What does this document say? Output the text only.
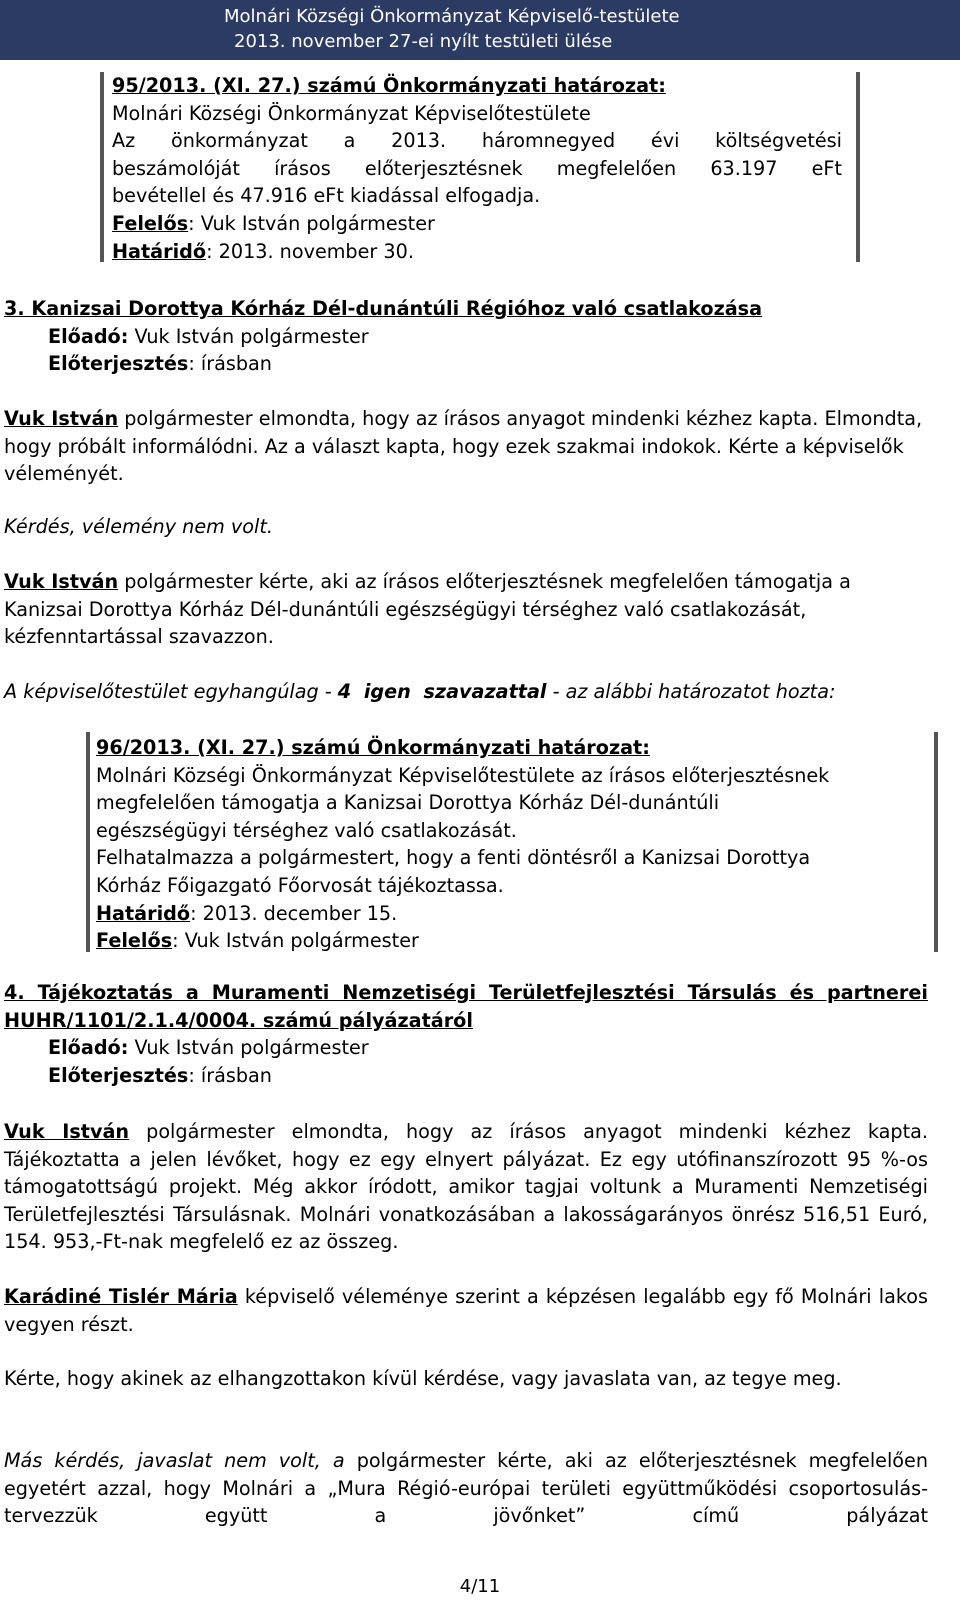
Molnári Községi Önkormányzat Képviselő-testülete
2013. november 27-ei nyílt testületi ülése

95/2013. (XI. 27.) számú Önkormányzati határozat:

Molnári Községi Önkormányzat Képviselőtestülete

Az önkormányzat a 2013. háromnegyed évi költségvetési

beszámolóját írásos előterjesztésnek megfelelően 63.197 eFt

bevétellel és 47.916 eFt kiadással elfogadja.

Felelős: Vuk István polgármester

Határidő: 2013. november 30.

3. Kanizsai Dorottya Kórház Dél-dunántúli Régióhoz való csatlakozása

Előadó: Vuk István polgármester

Előterjesztés: írásban

Vuk István polgármester elmondta, hogy az írásos anyagot mindenki kézhez kapta. Elmondta, hogy próbált informálódni. Az a választ kapta, hogy ezek szakmai indokok. Kérte a képviselők véleményét.

Kérdés, vélemény nem volt.

Vuk István polgármester kérte, aki az írásos előterjesztésnek megfelelően támogatja a Kanizsai Dorottya Kórház Dél-dunántúli egészségügyi térséghez való csatlakozását, kézfenntartással szavazzon.

A képviselőtestület egyhangúlag - 4 igen szavazattal - az alábbi határozatot hozta:

96/2013. (XI. 27.) számú Önkormányzati határozat:

Molnári Községi Önkormányzat Képviselőtestülete az írásos előterjesztésnek

megfelelően támogatja a Kanizsai Dorottya Kórház Dél-dunántúli

egészségügyi térséghez való csatlakozását.

Felhatalmazza a polgármestert, hogy a fenti döntésről a Kanizsai Dorottya

Kórház Főigazgató Főorvosát tájékoztassa.

Határidő: 2013. december 15.

Felelős: Vuk István polgármester

4. Tájékoztatás a Muramenti Nemzetiségi Területfejlesztési Társulás és partnerei

HUHR/1101/2.1.4/0004. számú pályázatáról

Előadó: Vuk István polgármester

Előterjesztés: írásban

Vuk István polgármester elmondta, hogy az írásos anyagot mindenki kézhez kapta. Tájékoztatta a jelen lévőket, hogy ez egy elnyert pályázat. Ez egy utófinanszírozott 95 %-os támogatottságú projekt. Még akkor íródott, amikor tagjai voltunk a Muramenti Nemzetiségi Területfejlesztési Társulásnak. Molnári vonatkozásában a lakosságarányos önrész 516,51 Euró, 154. 953,-Ft-nak megfelelő ez az összeg.

Karádiné Tislér Mária képviselő véleménye szerint a képzésen legalább egy fő Molnári lakos vegyen részt.

Kérte, hogy akinek az elhangzottakon kívül kérdése, vagy javaslata van, az tegye meg.

Más kérdés, javaslat nem volt, a polgármester kérte, aki az előterjesztésnek megfelelően egyetért azzal, hogy Molnári a „Mura Régió-európai területi együttműködési csoportosulás- tervezzük együtt a jövőnket” című pályázat

4/11
